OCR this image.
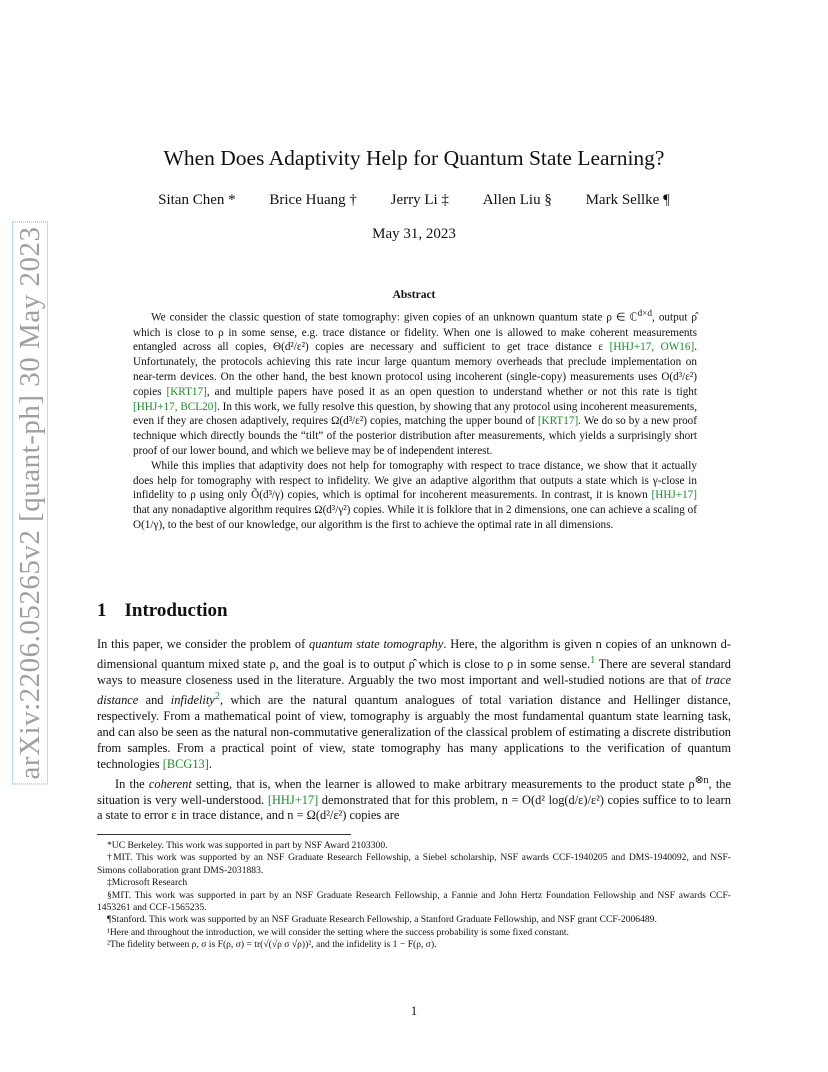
arXiv:2206.05265v2 [quant-ph] 30 May 2023
When Does Adaptivity Help for Quantum State Learning?
Sitan Chen * Brice Huang † Jerry Li ‡ Allen Liu § Mark Sellke ¶
May 31, 2023
Abstract

We consider the classic question of state tomography: given copies of an unknown quantum state ρ ∈ ℂ$^{d\times d}$, output ρ̂ which is close to ρ in some sense, e.g. trace distance or fidelity. When one is allowed to make coherent measurements entangled across all copies, Θ(d²/ε²) copies are necessary and sufficient to get trace distance ε [HHJ+17, OW16]. Unfortunately, the protocols achieving this rate incur large quantum memory overheads that preclude implementation on near-term devices. On the other hand, the best known protocol using incoherent (single-copy) measurements uses O(d³/ε²) copies [KRT17], and multiple papers have posed it as an open question to understand whether or not this rate is tight [HHJ+17, BCL20]. In this work, we fully resolve this question, by showing that any protocol using incoherent measurements, even if they are chosen adaptively, requires Ω(d³/ε²) copies, matching the upper bound of [KRT17]. We do so by a new proof technique which directly bounds the “tilt” of the posterior distribution after measurements, which yields a surprisingly short proof of our lower bound, and which we believe may be of independent interest.

While this implies that adaptivity does not help for tomography with respect to trace distance, we show that it actually does help for tomography with respect to infidelity. We give an adaptive algorithm that outputs a state which is γ-close in infidelity to ρ using only Õ(d³/γ) copies, which is optimal for incoherent measurements. In contrast, it is known [HHJ+17] that any nonadaptive algorithm requires Ω(d³/γ²) copies. While it is folklore that in 2 dimensions, one can achieve a scaling of O(1/γ), to the best of our knowledge, our algorithm is the first to achieve the optimal rate in all dimensions.

1 Introduction

In this paper, we consider the problem of quantum state tomography. Here, the algorithm is given n copies of an unknown d-dimensional quantum mixed state ρ, and the goal is to output ρ̂ which is close to ρ in some sense.$^1$ There are several standard ways to measure closeness used in the literature. Arguably the two most important and well-studied notions are that of trace distance and infidelity$^2$, which are the natural quantum analogues of total variation distance and Hellinger distance, respectively. From a mathematical point of view, tomography is arguably the most fundamental quantum state learning task, and can also be seen as the natural non-commutative generalization of the classical problem of estimating a discrete distribution from samples. From a practical point of view, state tomography has many applications to the verification of quantum technologies [BCG13].

In the coherent setting, that is, when the learner is allowed to make arbitrary measurements to the product state $\rho^{\otimes n}$, the situation is very well-understood. [HHJ+17] demonstrated that for this problem, n = O(d² log(d/ε)/ε²) copies suffice to to learn a state to error ε in trace distance, and n = Ω(d²/ε²) copies are

*UC Berkeley. This work was supported in part by NSF Award 2103300.

†MIT. This work was supported by an NSF Graduate Research Fellowship, a Siebel scholarship, NSF awards CCF-1940205 and DMS-1940092, and NSF-Simons collaboration grant DMS-2031883.

‡Microsoft Research

§MIT. This work was supported in part by an NSF Graduate Research Fellowship, a Fannie and John Hertz Foundation Fellowship and NSF awards CCF-1453261 and CCF-1565235.

¶Stanford. This work was supported by an NSF Graduate Research Fellowship, a Stanford Graduate Fellowship, and NSF grant CCF-2006489.

¹Here and throughout the introduction, we will consider the setting where the success probability is some fixed constant.

²The fidelity between ρ, σ is F(ρ, σ) = tr(√(√ρ σ √ρ))², and the infidelity is 1 − F(ρ, σ).

1
